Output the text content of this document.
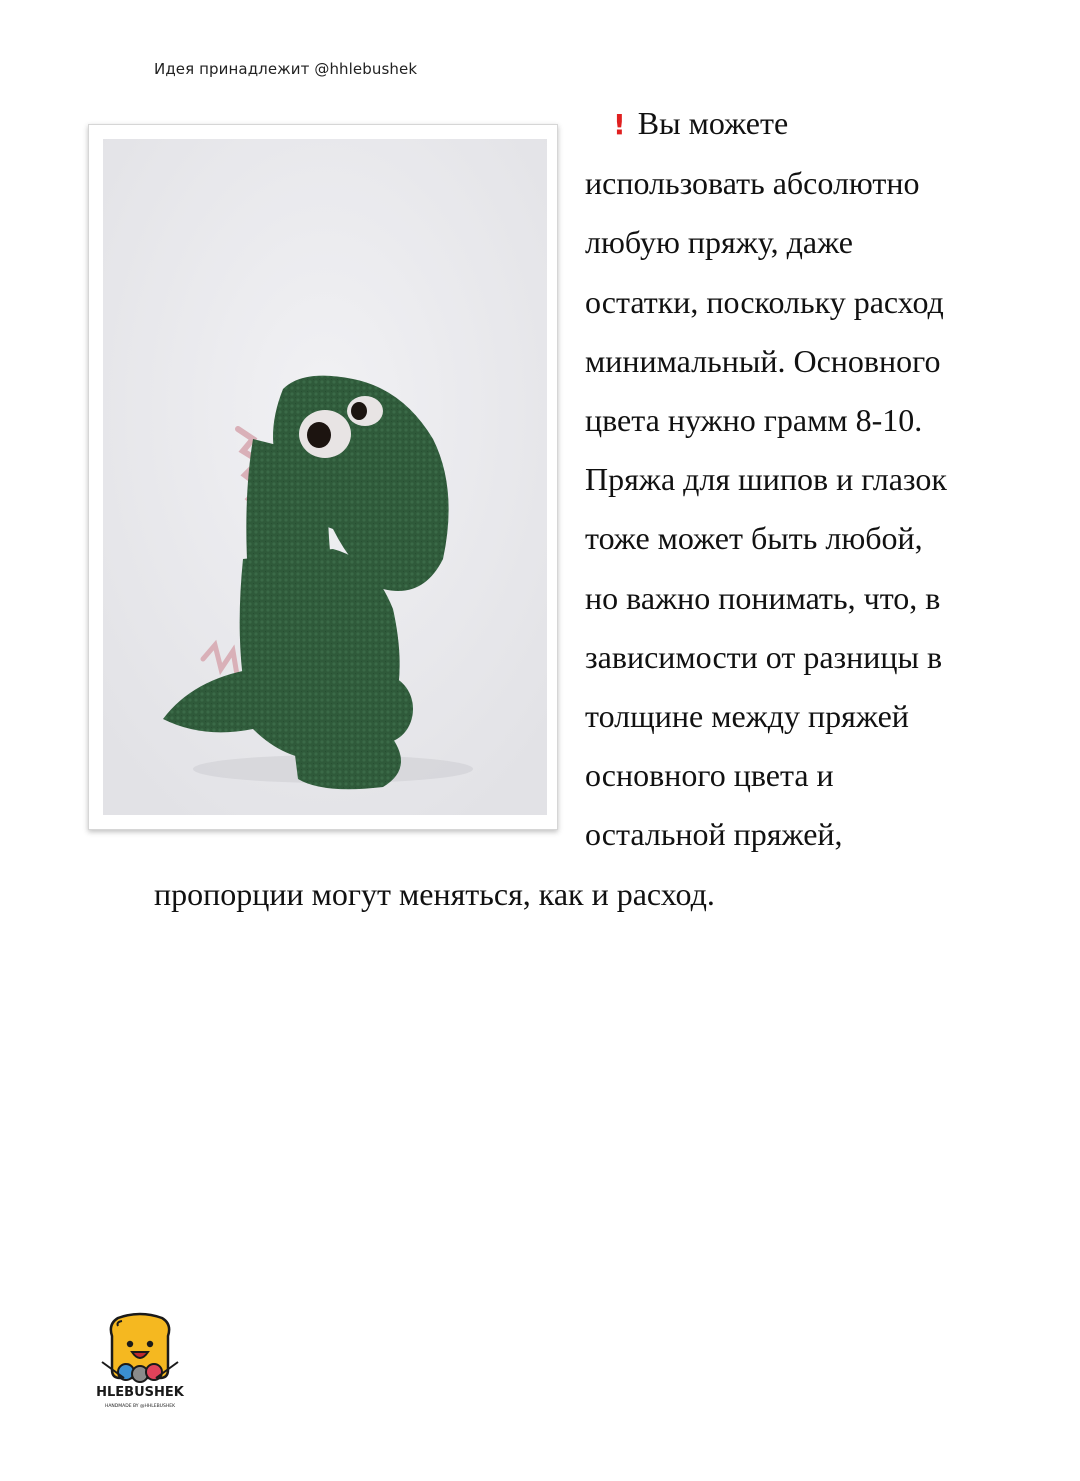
Идея принадлежит @hhlebushek
! Вы можете
использовать абсолютно
любую пряжу, даже
остатки, поскольку расход
минимальный. Основного
цвета нужно грамм 8-10.
Пряжа для шипов и глазок
тоже может быть любой,
но важно понимать, что, в
зависимости от разницы в
толщине между пряжей
основного цвета и
остальной пряжей,
пропорции могут меняться, как и расход.
HLEBUSHEK
HANDMADE BY @HHLEBUSHEK
